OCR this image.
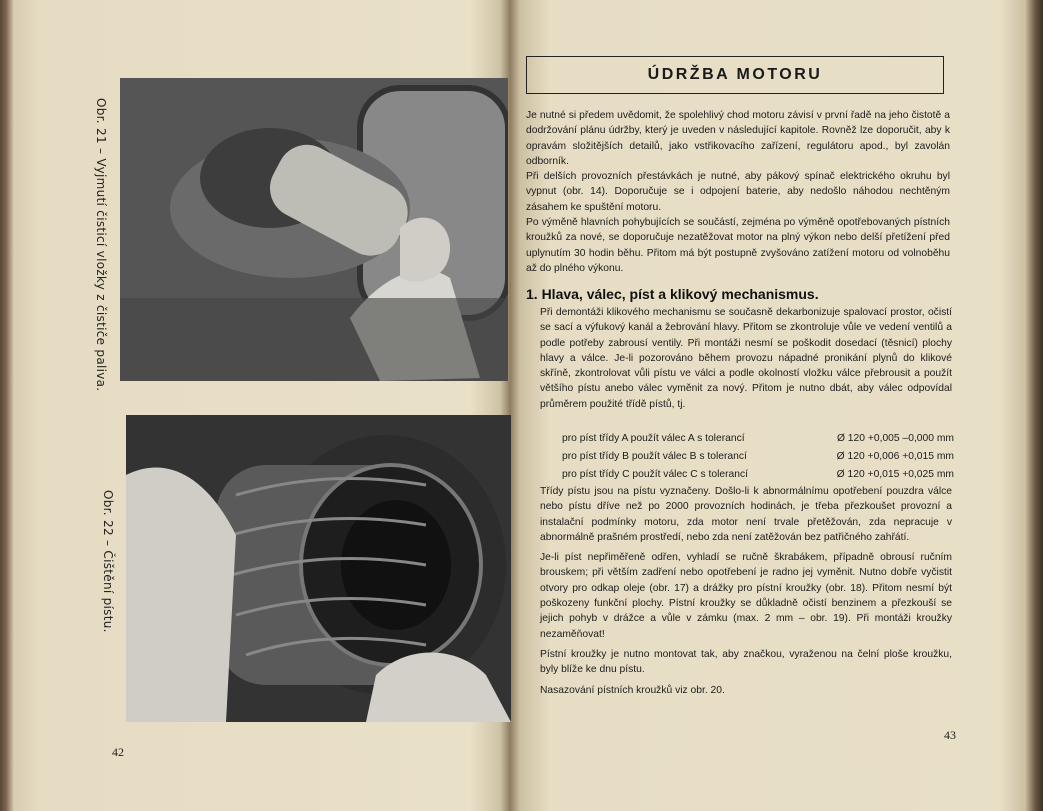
Obr. 21 – Vyjmutí čisticí vložky z čističe paliva.
Obr. 22 – Čištění pístu.
42
ÚDRŽBA MOTORU

Je nutné si předem uvědomit, že spolehlivý chod motoru závisí v první řadě na jeho čistotě a dodržování plánu údržby, který je uveden v následující kapitole. Rovněž lze doporučit, aby k opravám složitějších detailů, jako vstřikovacího zařízení, regulátoru apod., byl zavolán odborník.

Při delších provozních přestávkách je nutné, aby pákový spínač elektrického okruhu byl vypnut (obr. 14). Doporučuje se i odpojení baterie, aby nedošlo náhodou nechtěným zásahem ke spuštění motoru.

Po výměně hlavních pohybujících se součástí, zejména po výměně opotřebovaných pístních kroužků za nové, se doporučuje nezatěžovat motor na plný výkon nebo delší přetížení před uplynutím 30 hodin běhu. Přitom má být postupně zvyšováno zatížení motoru od volnoběhu až do plného výkonu.

1. Hlava, válec, píst a klikový mechanismus.

Při demontáži klikového mechanismu se současně dekarbonizuje spalovací prostor, očistí se sací a výfukový kanál a žebrování hlavy. Přitom se zkontroluje vůle ve vedení ventilů a podle potřeby zabrousí ventily. Při montáži nesmí se poškodit dosedací (těsnicí) plochy hlavy a válce. Je-li pozorováno během provozu nápadné pronikání plynů do klikové skříně, zkontrolovat vůli pístu ve válci a podle okolností vložku válce přebrousit a použít většího pístu anebo válec vyměnit za nový. Přitom je nutno dbát, aby válec odpovídal průměrem použité třídě pístů, tj.

pro píst třídy A použít válec A s tolerancí	Ø 120 +0,005 –0,000 mm
pro píst třídy B použít válec B s tolerancí	Ø 120 +0,006 +0,015 mm
pro píst třídy C použít válec C s tolerancí	Ø 120 +0,015 +0,025 mm

Třídy pístu jsou na pístu vyznačeny. Došlo-li k abnormálnímu opotřebení pouzdra válce nebo pístu dříve než po 2000 provozních hodinách, je třeba přezkoušet provozní a instalační podmínky motoru, zda motor není trvale přetěžován, zda nepracuje v abnormálně prašném prostředí, nebo zda není zatěžován bez patřičného zahřátí.

Je-li píst nepřiměřeně odřen, vyhladí se ručně škrabákem, případně obrousí ručním brouskem; při větším zadření nebo opotřebení je radno jej vyměnit. Nutno dobře vyčistit otvory pro odkap oleje (obr. 17) a drážky pro pístní kroužky (obr. 18). Přitom nesmí být poškozeny funkční plochy. Pístní kroužky se důkladně očistí benzinem a přezkouší se jejich pohyb v drážce a vůle v zámku (max. 2 mm – obr. 19). Při montáži kroužky nezaměňovat!

Pístní kroužky je nutno montovat tak, aby značkou, vyraženou na čelní ploše kroužku, byly blíže ke dnu pístu.

Nasazování pístních kroužků viz obr. 20.

43
